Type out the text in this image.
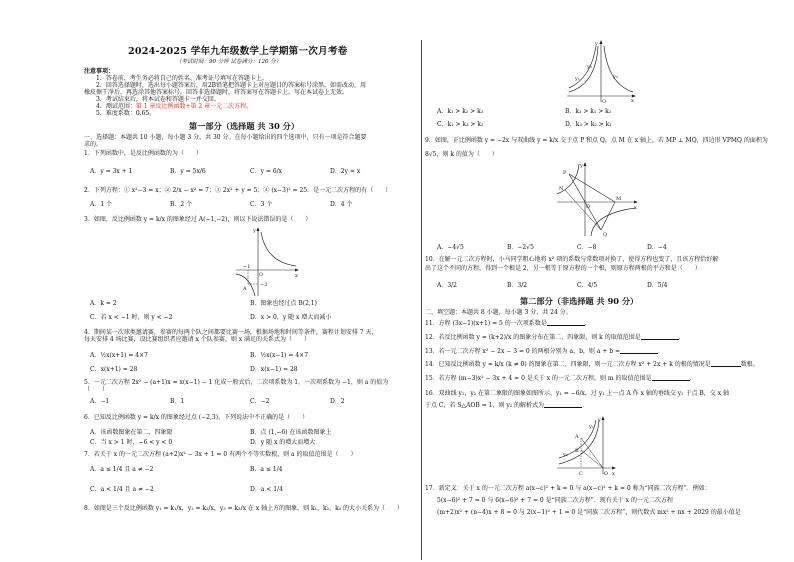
2024-2025 学年九年级数学上学期第一次月考卷
（考试时间：90 分钟 试卷满分：120 分）
注意事项：
1．答卷前，考生务必将自己的姓名、准考证号填写在答题卡上。
2．回答选择题时，选出每小题答案后，用2B铅笔把答题卡上对应题目的答案标号涂黑，如需改动，用
橡皮擦干净后，再选涂其他答案标号。回答非选择题时，将答案写在答题卡上。写在本试卷上无效。
3．考试结束后，将本试卷和答题卡一并交回。
4．测试范围：第 1 章反比例函数+第 2 章一元二次方程。
5．难度系数：0.65。
第一部分（选择题 共 30 分）
一、选择题：本题共 10 小题，每小题 3 分，共 30 分。在每小题给出的四个选项中，只有一项是符合题要
求的。
1．下列函数中，是反比例函数的为（　　）
A．y = 3x + 1	B．y = 5x/6	C．y = 6/x	D．2y = x
2．下列方程：① x²−3 = x；② 2/x − x² = 7；③ 2x² + y = 5；④ (x−3)² = 25．是一元二次方程的有（　　）
A．1 个	B．2 个	C．3 个	D．4 个
3．如图，反比例函数 y = k/x 的图象经过 A(−1,−2)，则以下说法错误的是（　　）
y
x
O
−1
−2
A
A．k = 2	B．图象也经过点 B(2,1)
C．若 x < −1 时，则 y < −2	D．x > 0，y 随 x 增大而减小
4．期间某一次球类邀请赛，参赛的每两个队之间都要比赛一场，根据场地和时间等条件，赛程计划安排 7 天，
每天安排 4 场比赛，设比赛组织者应邀请 x 个队参赛，则 x 满足的关系式为（　　）
A．½x(x+1) = 4×7	B．½x(x−1) = 4×7
C．x(x+1) = 28	D．x(x−1) = 28
5．一元二次方程 2x² − (a+1)x = x(x−1) − 1 化成一般式后，二次项系数为 1，一次项系数为 −1，则 a 的值为
（　　）
A．−1	B．1	C．−2	D．2
6．已知反比例函数 y = k/x 的图象经过点 (−2,3)，下列说法中不正确的是（　　）
A．该函数图象在第二、四象限	B．点 (1,−6) 在该函数图象上
C．当 x > 1 时，−6 < y < 0	D．y 随 x 的增大而增大
7．若关于 x 的一元二次方程 (a+2)x² − 3x + 1 = 0 有两个不等实数根，则 a 的取值范围是（　　）
A．a ≤ 1/4 且 a ≠ −2	B．a ≤ 1/4
C．a < 1/4 且 a ≠ −2	D．a < 1/4
8．如图是三个反比例函数 y₁ = k₁/x，y₂ = k₂/x，y₃ = k₃/x 在 x 轴上方的图象，则 k₁，k₂，k₃ 的大小关系为（　　）
y
x
O
y₁
y₂
y₃
A．k₁ > k₂ > k₃	B．k₃ > k₁ > k₂
C．k₁ > k₃ > k₂	D．k₃ > k₂ > k₁
9．如图，正比例函数 y = −2x 与双曲线 y = k/x 交于点 P 和点 Q，点 M 在 x 轴上，若 MP ⊥ MQ，四边形 VPMQ 的面积为
8√5，则 k 的值为（　　）
y
x
O
P
Q
M
N
A．−4√5	B．−2√5	C．−8	D．−4
10．在解一元二次方程时，小马同学粗心地将 x² 项的系数与常数项对换了，使得方程也变了，且该方程恰好解
出了这个不同的方程，得到一个根是 2，另一根等于原方程的一个根，则原方程两根的平方和是（　　）
A．3/2	B．3/2	C．4/5	D．5/4
第二部分（非选择题 共 90 分）
二、填空题：本题共 8 小题，每小题 3 分，共 24 分。
11．方程 (3x−1)(x+1) = 5 的一次项系数是	．
12．若反比例函数 y = (k+2)/x 的图象分布在第二、四象限，则 k 的取值范围是	．
13．若一元二次方程 x² − 2x − 3 = 0 的两根分别为 a，b，则 a + b =	．
14．已知反比例函数 y = k/x (k ≠ 0) 的图象在第二、四象限，则一元二次方程 x² + 2x + k 的根的情况是	数根。
15．若方程 (m−3)x² − 3x + 4 = 0 是关于 x 的一元二次方程，则 m 的取值范围是	．
16．双曲线 y₁，y₂ 在第二象限的图象如图所示，y₁ = −6/x，过 y₁ 上一点 A 作 x 轴的垂线交 y₂ 于点 B，交 x 轴
于点 C，若 S△AOB = 1，则 y₂ 的解析式为	．
y
x
O
A
B
C
y₁
y₂
17．新定义：关于 x 的一元二次方程 a(x−c)² + k = 0 与 a(x−c)² + k = 0 称为“同族二次方程”．例如：
5(x−6)² + 7 = 0 与 6(x−6)² + 7 = 0 是“同族二次方程”．现有关于 x 的一元二次方程
(m+2)x² + (n−4)x + 8 = 0 与 2(x−1)² + 1 = 0 是“同族二次方程”，则代数式 mx² + nx + 2029 的最小值是
